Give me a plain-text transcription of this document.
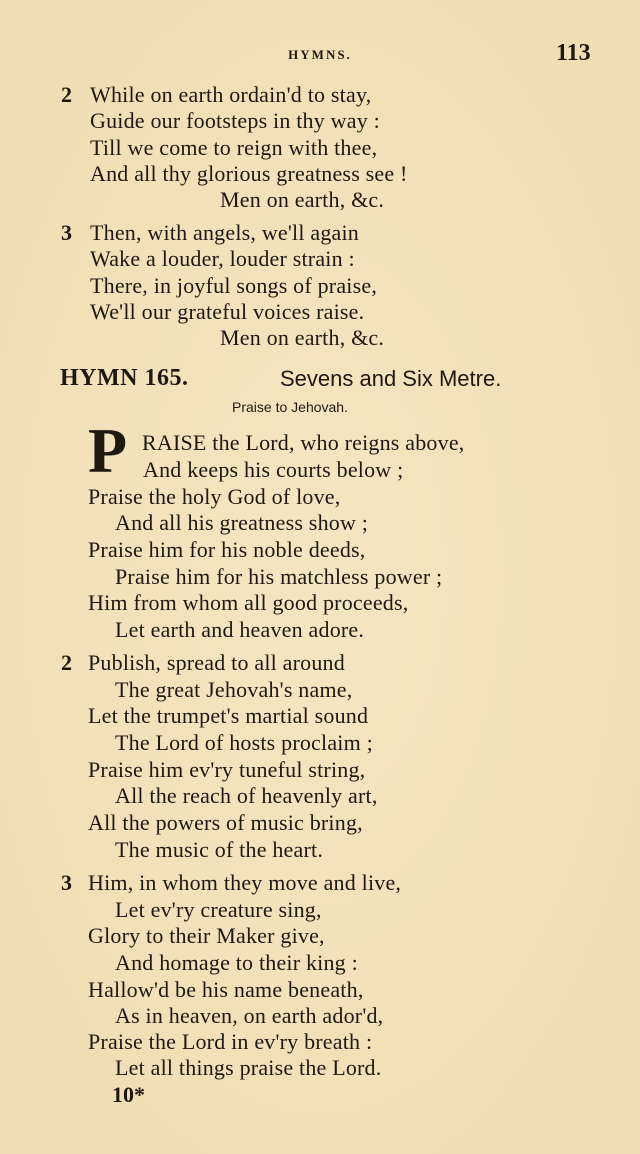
HYMNS.	113
HYMN 165.	Sevens and Six Metre.
Praise to Jehovah.
P
10*
2 While on earth ordain'd to stay,
Guide our footsteps in thy way :
Till we come to reign with thee,
And all thy glorious greatness see !
Men on earth, &c.
3 Then, with angels, we'll again
Wake a louder, louder strain :
There, in joyful songs of praise,
We'll our grateful voices raise.
Men on earth, &c.
RAISE the Lord, who reigns above,
And keeps his courts below ;
Praise the holy God of love,
And all his greatness show ;
Praise him for his noble deeds,
Praise him for his matchless power ;
Him from whom all good proceeds,
Let earth and heaven adore.
2 Publish, spread to all around
The great Jehovah's name,
Let the trumpet's martial sound
The Lord of hosts proclaim ;
Praise him ev'ry tuneful string,
All the reach of heavenly art,
All the powers of music bring,
The music of the heart.
3 Him, in whom they move and live,
Let ev'ry creature sing,
Glory to their Maker give,
And homage to their king :
Hallow'd be his name beneath,
As in heaven, on earth ador'd,
Praise the Lord in ev'ry breath :
Let all things praise the Lord.
